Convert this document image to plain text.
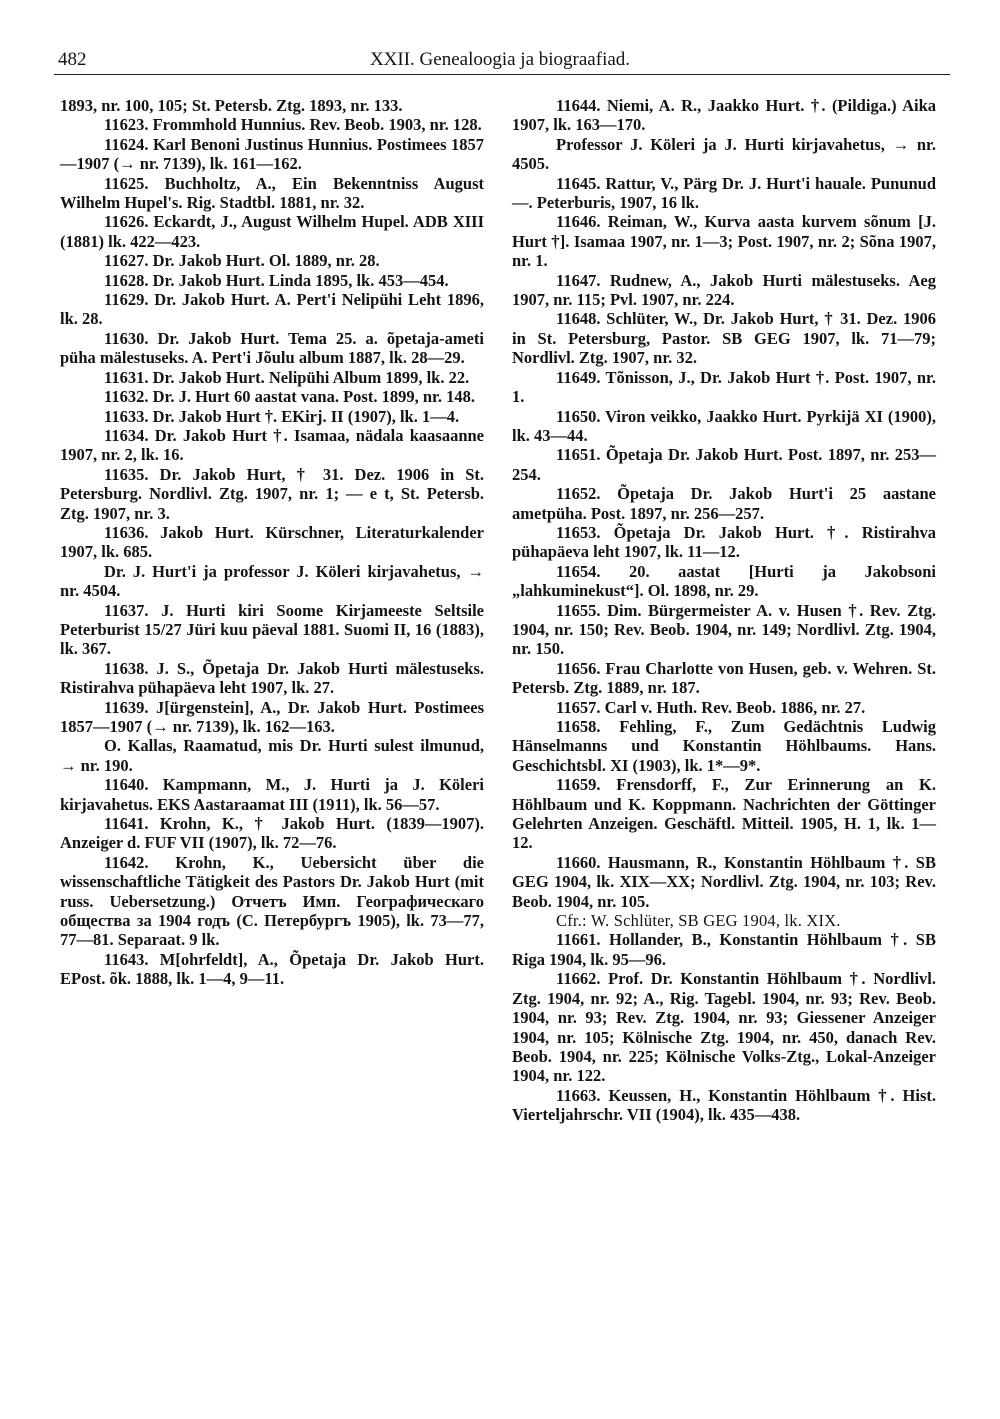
482	XXII. Genealoogia ja biograafiad.

1893, nr. 100, 105; St. Petersb. Ztg. 1893, nr. 133.

11623. Frommhold Hunnius. Rev. Beob. 1903, nr. 128.

11624. Karl Benoni Justinus Hunnius. Postimees 1857—1907 (→ nr. 7139), lk. 161—162.

11625. Buchholtz, A., Ein Bekenntniss August Wilhelm Hupel's. Rig. Stadtbl. 1881, nr. 32.

11626. Eckardt, J., August Wilhelm Hupel. ADB XIII (1881) lk. 422—423.

11627. Dr. Jakob Hurt. Ol. 1889, nr. 28.

11628. Dr. Jakob Hurt. Linda 1895, lk. 453—454.

11629. Dr. Jakob Hurt. A. Pert'i Nelipühi Leht 1896, lk. 28.

11630. Dr. Jakob Hurt. Tema 25. a. õpetaja-ameti püha mälestuseks. A. Pert'i Jõulu album 1887, lk. 28—29.

11631. Dr. Jakob Hurt. Nelipühi Album 1899, lk. 22.

11632. Dr. J. Hurt 60 aastat vana. Post. 1899, nr. 148.

11633. Dr. Jakob Hurt †. EKirj. II (1907), lk. 1—4.

11634. Dr. Jakob Hurt †. Isamaa, nädala kaasaanne 1907, nr. 2, lk. 16.

11635. Dr. Jakob Hurt, † 31. Dez. 1906 in St. Petersburg. Nordlivl. Ztg. 1907, nr. 1; — e t, St. Petersb. Ztg. 1907, nr. 3.

11636. Jakob Hurt. Kürschner, Literaturkalender 1907, lk. 685.

Dr. J. Hurt'i ja professor J. Köleri kirjavahetus, → nr. 4504.

11637. J. Hurti kiri Soome Kirjameeste Seltsile Peterburist 15/27 Jüri kuu päeval 1881. Suomi II, 16 (1883), lk. 367.

11638. J. S., Õpetaja Dr. Jakob Hurti mälestuseks. Ristirahva pühapäeva leht 1907, lk. 27.

11639. J[ürgenstein], A., Dr. Jakob Hurt. Postimees 1857—1907 (→ nr. 7139), lk. 162—163.

O. Kallas, Raamatud, mis Dr. Hurti sulest ilmunud, → nr. 190.

11640. Kampmann, M., J. Hurti ja J. Köleri kirjavahetus. EKS Aastaraamat III (1911), lk. 56—57.

11641. Krohn, K., † Jakob Hurt. (1839—1907). Anzeiger d. FUF VII (1907), lk. 72—76.

11642. Krohn, K., Uebersicht über die wissenschaftliche Tätigkeit des Pastors Dr. Jakob Hurt (mit russ. Uebersetzung.) Отчетъ Имп. Географическаго общества за 1904 годъ (С. Петербургъ 1905), lk. 73—77, 77—81. Separaat. 9 lk.

11643. M[ohrfeldt], A., Õpetaja Dr. Jakob Hurt. EPost. õk. 1888, lk. 1—4, 9—11.

11644. Niemi, A. R., Jaakko Hurt. †. (Pildiga.) Aika 1907, lk. 163—170.

Professor J. Köleri ja J. Hurti kirjavahetus, → nr. 4505.

11645. Rattur, V., Pärg Dr. J. Hurt'i hauale. Pununud —. Peterburis, 1907, 16 lk.

11646. Reiman, W., Kurva aasta kurvem sõnum [J. Hurt †]. Isamaa 1907, nr. 1—3; Post. 1907, nr. 2; Sõna 1907, nr. 1.

11647. Rudnew, A., Jakob Hurti mälestuseks. Aeg 1907, nr. 115; Pvl. 1907, nr. 224.

11648. Schlüter, W., Dr. Jakob Hurt, † 31. Dez. 1906 in St. Petersburg, Pastor. SB GEG 1907, lk. 71—79; Nordlivl. Ztg. 1907, nr. 32.

11649. Tõnisson, J., Dr. Jakob Hurt †. Post. 1907, nr. 1.

11650. Viron veikko, Jaakko Hurt. Pyrkijä XI (1900), lk. 43—44.

11651. Õpetaja Dr. Jakob Hurt. Post. 1897, nr. 253—254.

11652. Õpetaja Dr. Jakob Hurt'i 25 aastane ametpüha. Post. 1897, nr. 256—257.

11653. Õpetaja Dr. Jakob Hurt. †. Ristirahva pühapäeva leht 1907, lk. 11—12.

11654. 20. aastat [Hurti ja Jakobsoni „lahkuminekust“]. Ol. 1898, nr. 29.

11655. Dim. Bürgermeister A. v. Husen †. Rev. Ztg. 1904, nr. 150; Rev. Beob. 1904, nr. 149; Nordlivl. Ztg. 1904, nr. 150.

11656. Frau Charlotte von Husen, geb. v. Wehren. St. Petersb. Ztg. 1889, nr. 187.

11657. Carl v. Huth. Rev. Beob. 1886, nr. 27.

11658. Fehling, F., Zum Gedächtnis Ludwig Hänselmanns und Konstantin Höhlbaums. Hans. Geschichtsbl. XI (1903), lk. 1*—9*.

11659. Frensdorff, F., Zur Erinnerung an K. Höhlbaum und K. Koppmann. Nachrichten der Göttinger Gelehrten Anzeigen. Geschäftl. Mitteil. 1905, H. 1, lk. 1—12.

11660. Hausmann, R., Konstantin Höhlbaum †. SB GEG 1904, lk. XIX—XX; Nordlivl. Ztg. 1904, nr. 103; Rev. Beob. 1904, nr. 105.

Cfr.: W. Schlüter, SB GEG 1904, lk. XIX.

11661. Hollander, B., Konstantin Höhlbaum †. SB Riga 1904, lk. 95—96.

11662. Prof. Dr. Konstantin Höhlbaum †. Nordlivl. Ztg. 1904, nr. 92; A., Rig. Tagebl. 1904, nr. 93; Rev. Beob. 1904, nr. 93; Rev. Ztg. 1904, nr. 93; Giessener Anzeiger 1904, nr. 105; Kölnische Ztg. 1904, nr. 450, danach Rev. Beob. 1904, nr. 225; Kölnische Volks-Ztg., Lokal-Anzeiger 1904, nr. 122.

11663. Keussen, H., Konstantin Höhlbaum †. Hist. Vierteljahrschr. VII (1904), lk. 435—438.
